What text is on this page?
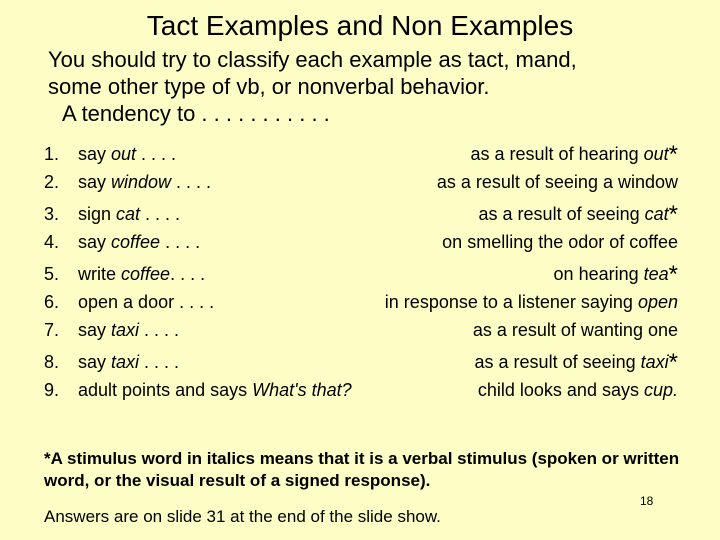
Tact Examples and Non Examples
You should try to classify each example as tact, mand,
some other type of vb, or nonverbal behavior.

A tendency to . . . . . . . . . . .
1.	say out . . . .	as a result of hearing out*
2.	say window . . . .	as a result of seeing a window
3.	sign cat . . . .	as a result of seeing cat*
4.	say coffee . . . .	on smelling the odor of coffee
5.	write coffee. . . .	on hearing tea*
6.	open a door . . . .	in response to a listener saying open
7.	say taxi . . . .	as a result of wanting one
8.	say taxi . . . .	as a result of seeing taxi*
9.	adult points and says What's that?	child looks and says cup.
*A stimulus word in italics means that it is a verbal stimulus (spoken or written word, or the visual result of a signed response).
Answers are on slide 31 at the end of the slide show.
18
